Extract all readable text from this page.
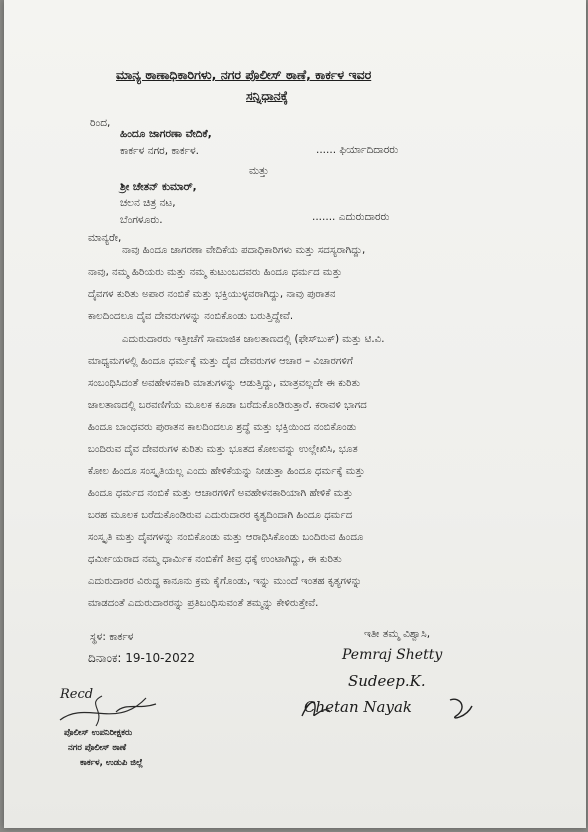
ಮಾನ್ಯ ಠಾಣಾಧಿಕಾರಿಗಳು, ನಗರ ಪೊಲೀಸ್ ಠಾಣೆ, ಕಾರ್ಕಳ ಇವರ
ಸನ್ನಿಧಾನಕ್ಕೆ
ರಿಂದ,
ಹಿಂದೂ ಜಾಗರಣಾ ವೇದಿಕೆ,
ಕಾರ್ಕಳ ನಗರ, ಕಾರ್ಕಳ.	...... ಫಿರ್ಯಾದಿದಾರರು
ಮತ್ತು
ಶ್ರೀ ಚೇತನ್ ಕುಮಾರ್,
ಚಲನ ಚಿತ್ರ ನಟ,
ಬೆಂಗಳೂರು.	....... ಎದುರುದಾರರು
ಮಾನ್ಯರೇ,
ನಾವು ಹಿಂದೂ ಜಾಗರಣಾ ವೇದಿಕೆಯ ಪದಾಧಿಕಾರಿಗಳು ಮತ್ತು ಸದಸ್ಯರಾಗಿದ್ದು,
ನಾವು, ನಮ್ಮ ಹಿರಿಯರು ಮತ್ತು ನಮ್ಮ ಕುಟುಂಬದವರು ಹಿಂದೂ ಧರ್ಮದ ಮತ್ತು
ದೈವಗಳ ಕುರಿತು ಅಪಾರ ನಂಬಿಕೆ ಮತ್ತು ಭಕ್ತಿಯುಳ್ಳವರಾಗಿದ್ದು, ನಾವು ಪುರಾತನ
ಕಾಲದಿಂದಲೂ ದೈವ ದೇವರುಗಳನ್ನು ನಂಬಿಕೊಂಡು ಬರುತ್ತಿದ್ದೇವೆ.
ಎದುರುದಾರರು ಇತ್ತೀಚೆಗೆ ಸಾಮಾಜಿಕ ಜಾಲತಾಣದಲ್ಲಿ (ಫೇಸ್‌ಬುಕ್) ಮತ್ತು ಟಿ.ವಿ.
ಮಾಧ್ಯಮಗಳಲ್ಲಿ ಹಿಂದೂ ಧರ್ಮಕ್ಕೆ ಮತ್ತು ದೈವ ದೇವರುಗಳ ಆಚಾರ – ವಿಚಾರಗಳಿಗೆ
ಸಂಬಂಧಿಸಿದಂತೆ ಅವಹೇಳನಕಾರಿ ಮಾತುಗಳನ್ನು ಆಡುತ್ತಿದ್ದು, ಮಾತ್ರವಲ್ಲದೇ ಈ ಕುರಿತು
ಜಾಲತಾಣದಲ್ಲಿ ಬರವಣಿಗೆಯ ಮೂಲಕ ಕೂಡಾ ಬರೆದುಕೊಂಡಿರುತ್ತಾರೆ. ಕರಾವಳಿ ಭಾಗದ
ಹಿಂದೂ ಬಾಂಧವರು ಪುರಾತನ ಕಾಲದಿಂದಲೂ ಶ್ರದ್ಧೆ ಮತ್ತು ಭಕ್ತಿಯಿಂದ ನಂಬಿಕೊಂಡು
ಬಂದಿರುವ ದೈವ ದೇವರುಗಳ ಕುರಿತು ಮತ್ತು ಭೂತದ ಕೋಲವನ್ನು ಉಲ್ಲೇಖಿಸಿ, ಭೂತ
ಕೋಲ ಹಿಂದೂ ಸಂಸ್ಕೃತಿಯಲ್ಲ ಎಂದು ಹೇಳಿಕೆಯನ್ನು ನೀಡುತ್ತಾ ಹಿಂದೂ ಧರ್ಮಕ್ಕೆ ಮತ್ತು
ಹಿಂದೂ ಧರ್ಮದ ನಂಬಿಕೆ ಮತ್ತು ಆಚಾರಗಳಿಗೆ ಅವಹೇಳನಕಾರಿಯಾಗಿ ಹೇಳಿಕೆ ಮತ್ತು
ಬರಹ ಮೂಲಕ ಬರೆದುಕೊಂಡಿರುವ ಎದುರುದಾರರ ಕೃತ್ಯದಿಂದಾಗಿ ಹಿಂದೂ ಧರ್ಮದ
ಸಂಸ್ಕೃತಿ ಮತ್ತು ದೈವಗಳನ್ನು ನಂಬಿಕೊಂಡು ಮತ್ತು ಆರಾಧಿಸಿಕೊಂಡು ಬಂದಿರುವ ಹಿಂದೂ
ಧರ್ಮೀಯರಾದ ನಮ್ಮ ಧಾರ್ಮಿಕ ನಂಬಿಕೆಗೆ ತೀವ್ರ ಧಕ್ಕೆ ಉಂಟಾಗಿದ್ದು, ಈ ಕುರಿತು
ಎದುರುದಾರರ ವಿರುದ್ಧ ಕಾನೂನು ಕ್ರಮ ಕೈಗೊಂಡು, ಇನ್ನು ಮುಂದೆ ಇಂತಹ ಕೃತ್ಯಗಳನ್ನು
ಮಾಡದಂತೆ ಎದುರುದಾರರನ್ನು ಪ್ರತಿಬಂಧಿಸುವಂತೆ ತಮ್ಮನ್ನು ಕೇಳಿರುತ್ತೇವೆ.
ಸ್ಥಳ: ಕಾರ್ಕಳ
ದಿನಾಂಕ: 19-10-2022
ಇತೀ ತಮ್ಮ ವಿಶ್ವಾಸಿ,
Pemraj Shetty
Sudeep.K.
Chetan Nayak
Recd
ಪೊಲೀಸ್ ಉಪನಿರೀಕ್ಷಕರು
ನಗರ ಪೊಲೀಸ್ ಠಾಣೆ
ಕಾರ್ಕಳ, ಉಡುಪಿ ಜಿಲ್ಲೆ
